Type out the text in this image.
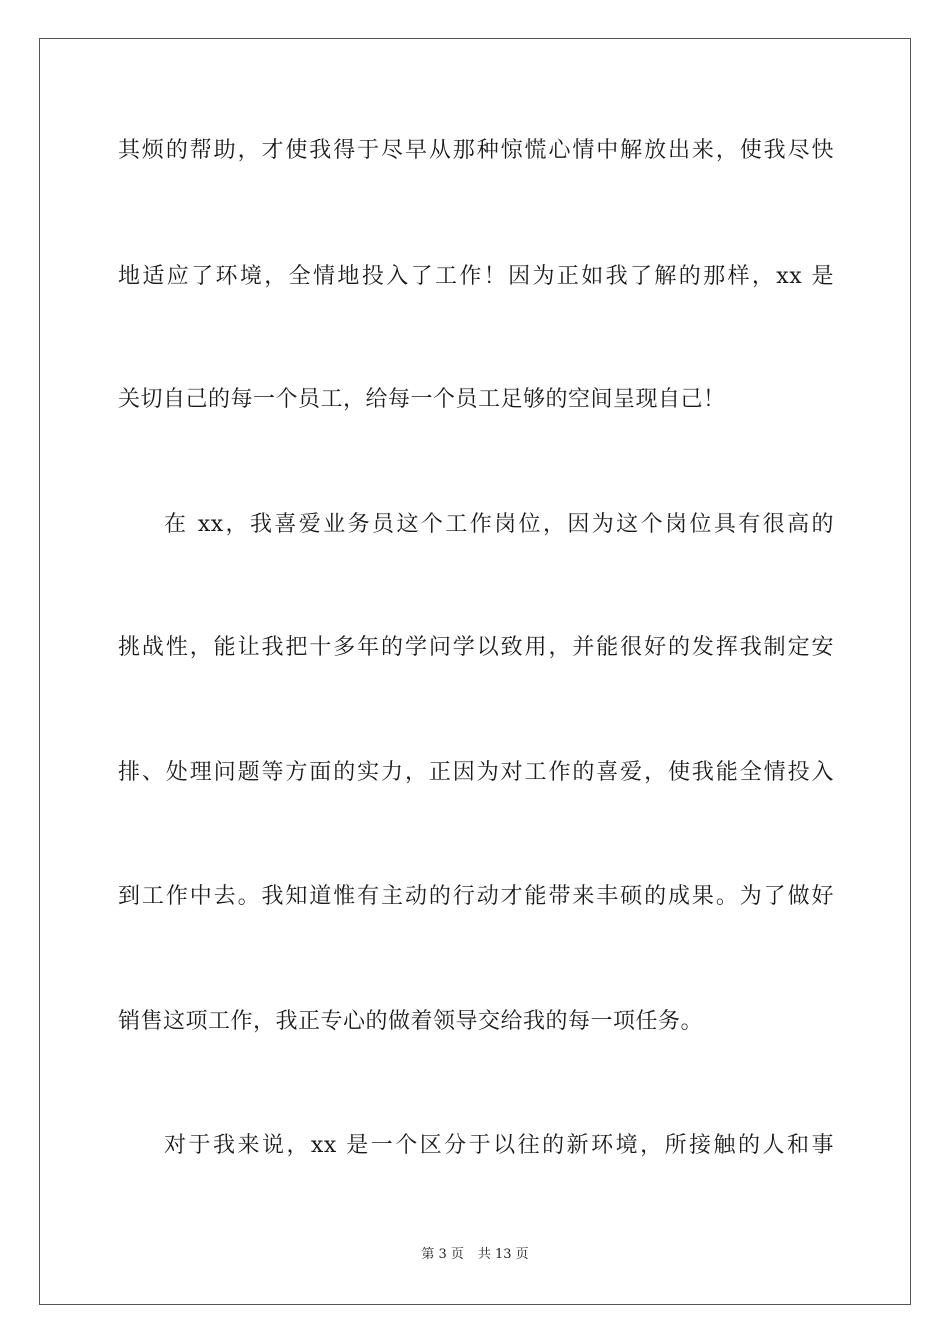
其烦的帮助，才使我得于尽早从那种惊慌心情中解放出来，使我尽快
地适应了环境，全情地投入了工作！因为正如我了解的那样，xx 是
关切自己的每一个员工，给每一个员工足够的空间呈现自己！
在 xx，我喜爱业务员这个工作岗位，因为这个岗位具有很高的
挑战性，能让我把十多年的学问学以致用，并能很好的发挥我制定安
排、处理问题等方面的实力，正因为对工作的喜爱，使我能全情投入
到工作中去。我知道惟有主动的行动才能带来丰硕的成果。为了做好
销售这项工作，我正专心的做着领导交给我的每一项任务。
对于我来说，xx 是一个区分于以往的新环境，所接触的人和事
第 3 页 共 13 页
